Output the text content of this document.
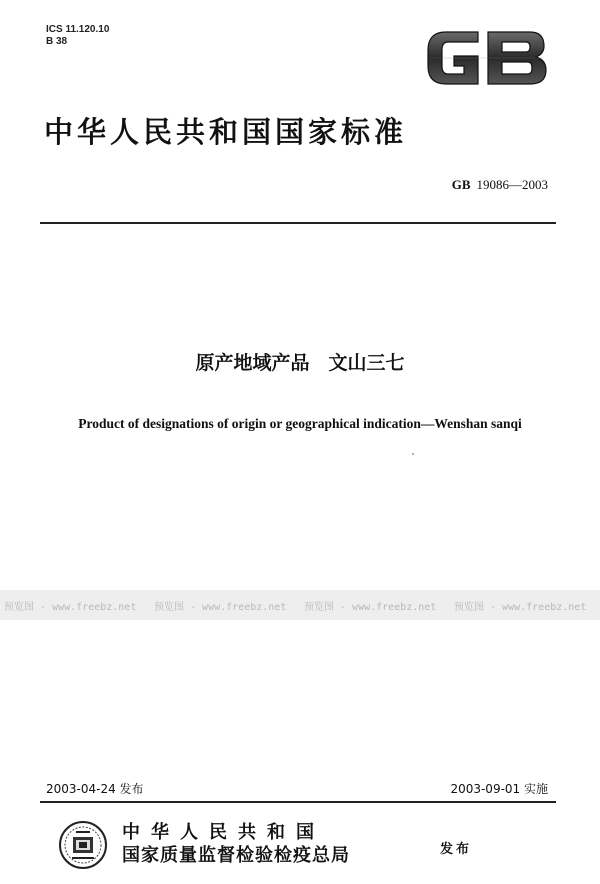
ICS 11.120.10
B 38
中华人民共和国国家标准
GB 19086—2003
原产地域产品　文山三七
Product of designations of origin or geographical indication—Wenshan sanqi
预览图 - www.freebz.net	预览图 - www.freebz.net	预览图 - www.freebz.net	预览图 - www.freebz.net
2003-04-24 发布	2003-09-01 实施
中华人民共和国
国家质量监督检验检疫总局	发布
